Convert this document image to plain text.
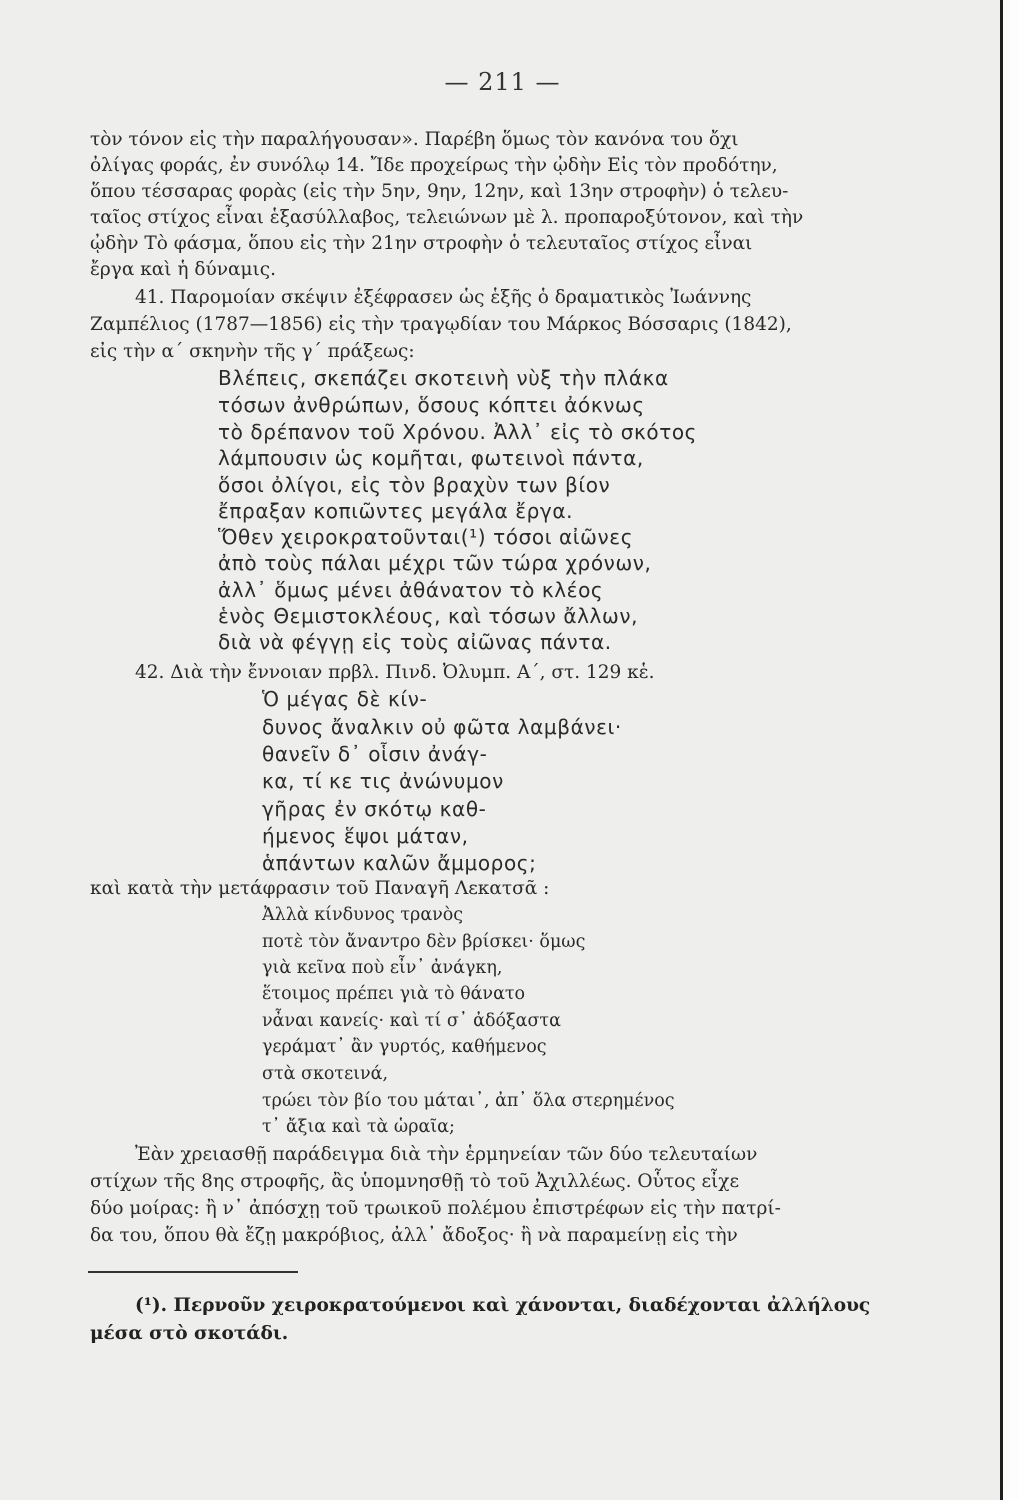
— 211 —
τὸν τόνον εἰς τὴν παραλήγουσαν». Παρέβη ὅμως τὸν κανόνα του ὄχι
ὀλίγας φοράς, ἐν συνόλῳ 14. Ἴδε προχείρως τὴν ᾠδὴν Εἰς τὸν προδότην,
ὅπου τέσσαρας φορὰς (εἰς τὴν 5ην, 9ην, 12ην, καὶ 13ην στροφὴν) ὁ τελευ-
ταῖος στίχος εἶναι ἑξασύλλαβος, τελειώνων μὲ λ. προπαροξύτονον, καὶ τὴν
ᾠδὴν Τὸ φάσμα, ὅπου εἰς τὴν 21ην στροφὴν ὁ τελευταῖος στίχος εἶναι
ἔργα καὶ ἡ δύναμις.
41. Παρομοίαν σκέψιν ἐξέφρασεν ὡς ἑξῆς ὁ δραματικὸς Ἰωάννης
Ζαμπέλιος (1787—1856) εἰς τὴν τραγῳδίαν του Μάρκος Βόσσαρις (1842),
εἰς τὴν α΄ σκηνὴν τῆς γ΄ πράξεως:
Βλέπεις, σκεπάζει σκοτεινὴ νὺξ τὴν πλάκα
τόσων ἀνθρώπων, ὅσους κόπτει ἀόκνως
τὸ δρέπανον τοῦ Χρόνου. Ἀλλ᾽ εἰς τὸ σκότος
λάμπουσιν ὡς κομῆται, φωτεινοὶ πάντα,
ὅσοι ὀλίγοι, εἰς τὸν βραχὺν των βίον
ἔπραξαν κοπιῶντες μεγάλα ἔργα.
Ὅθεν χειροκρατοῦνται(¹) τόσοι αἰῶνες
ἀπὸ τοὺς πάλαι μέχρι τῶν τώρα χρόνων,
ἀλλ᾽ ὅμως μένει ἀθάνατον τὸ κλέος
ἑνὸς Θεμιστοκλέους, καὶ τόσων ἄλλων,
διὰ νὰ φέγγῃ εἰς τοὺς αἰῶνας πάντα.
42. Διὰ τὴν ἔννοιαν πρβλ. Πινδ. Ὀλυμπ. Α΄, στ. 129 κἑ.
Ὁ μέγας δὲ κίν-
δυνος ἄναλκιν οὐ φῶτα λαμβάνει·
θανεῖν δ᾽ οἷσιν ἀνάγ-
κα, τί κε τις ἀνώνυμον
γῆρας ἐν σκότῳ καθ-
ήμενος ἕψοι μάταν,
ἁπάντων καλῶν ἄμμορος;
καὶ κατὰ τὴν μετάφρασιν τοῦ Παναγῆ Λεκατσᾶ :
Ἀλλὰ κίνδυνος τρανὸς
ποτὲ τὸν ἄναντρο δὲν βρίσκει· ὅμως
γιὰ κεῖνα ποὺ εἶν᾽ ἀνάγκη,
ἕτοιμος πρέπει γιὰ τὸ θάνατο
νἆναι κανείς· καὶ τί σ᾽ ἀδόξαστα
γεράματ᾽ ἂν γυρτός, καθήμενος
στὰ σκοτεινά,
τρώει τὸν βίο του μάται᾽, ἀπ᾽ ὅλα στερημένος
τ᾽ ἄξια καὶ τὰ ὡραῖα;
Ἐὰν χρειασθῇ παράδειγμα διὰ τὴν ἑρμηνείαν τῶν δύο τελευταίων
στίχων τῆς 8ης στροφῆς, ἂς ὑπομνησθῇ τὸ τοῦ Ἀχιλλέως. Οὗτος εἶχε
δύο μοίρας: ἢ ν᾽ ἀπόσχῃ τοῦ τρωικοῦ πολέμου ἐπιστρέφων εἰς τὴν πατρί-
δα του, ὅπου θὰ ἔζῃ μακρόβιος, ἀλλ᾽ ἄδοξος· ἢ νὰ παραμείνῃ εἰς τὴν
(¹). Περνοῦν χειροκρατούμενοι καὶ χάνονται, διαδέχονται ἀλλήλους
μέσα στὸ σκοτάδι.
